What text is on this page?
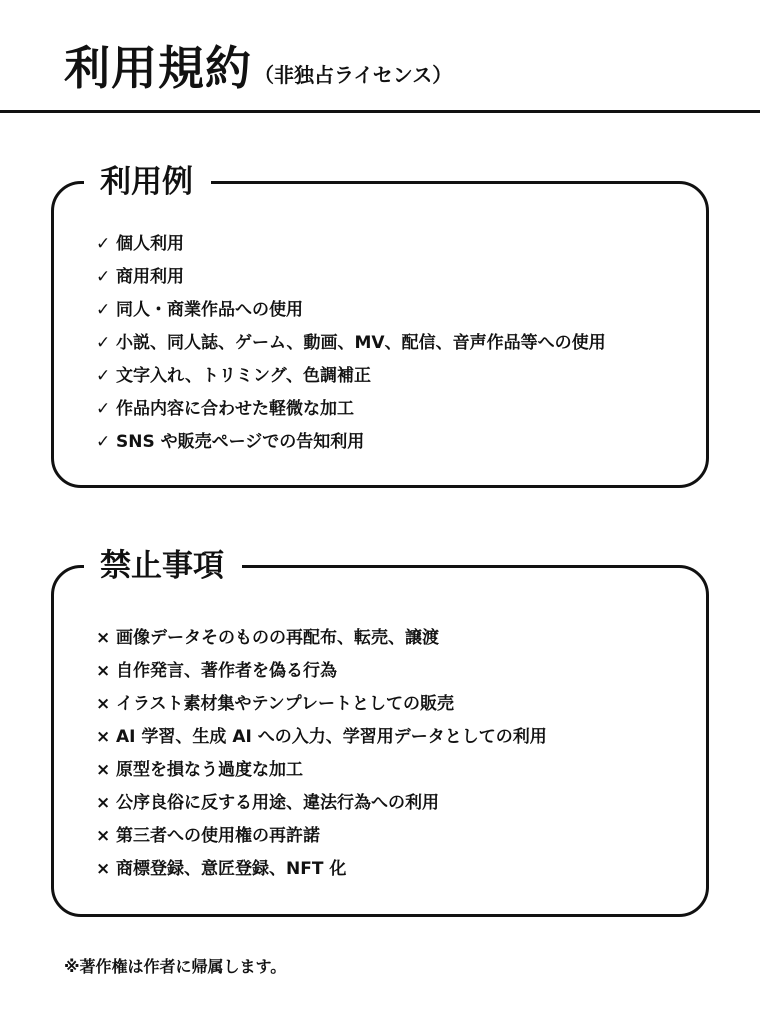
利用規約 （非独占ライセンス）
利用例
✓ 個人利用
✓ 商用利用
✓ 同人・商業作品への使用
✓ 小説、同人誌、ゲーム、動画、MV、配信、音声作品等への使用
✓ 文字入れ、トリミング、色調補正
✓ 作品内容に合わせた軽微な加工
✓ SNS や販売ページでの告知利用
禁止事項
× 画像データそのものの再配布、転売、譲渡
× 自作発言、著作者を偽る行為
× イラスト素材集やテンプレートとしての販売
× AI 学習、生成 AI への入力、学習用データとしての利用
× 原型を損なう過度な加工
× 公序良俗に反する用途、違法行為への利用
× 第三者への使用権の再許諾
× 商標登録、意匠登録、NFT 化
※著作権は作者に帰属します。
